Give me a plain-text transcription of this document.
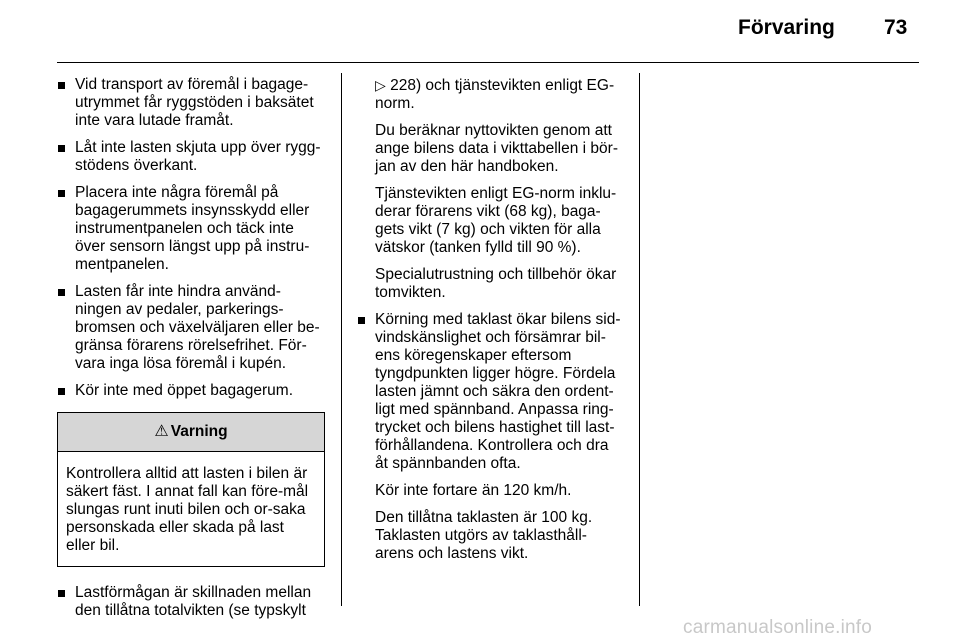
Förvaring 73
Vid transport av föremål i bagage-utrymmet får ryggstöden i baksätet inte vara lutade framåt.
Låt inte lasten skjuta upp över rygg-stödens överkant.
Placera inte några föremål på bagagerummets insynsskydd eller instrumentpanelen och täck inte över sensorn längst upp på instru-mentpanelen.
Lasten får inte hindra använd-ningen av pedaler, parkerings-bromsen och växelväljaren eller be-gränsa förarens rörelsefrihet. För-vara inga lösa föremål i kupén.
Kör inte med öppet bagagerum.
⚠ Varning
Kontrollera alltid att lasten i bilen är säkert fäst. I annat fall kan före-mål slungas runt inuti bilen och or-saka personskada eller skada på last eller bil.
Lastförmågan är skillnaden mellan den tillåtna totalvikten (se typskylt

▷ 228) och tjänstevikten enligt EG-norm.

Du beräknar nyttovikten genom att ange bilens data i vikttabellen i bör-jan av den här handboken.

Tjänstevikten enligt EG-norm inklu-derar förarens vikt (68 kg), baga-gets vikt (7 kg) och vikten för alla vätskor (tanken fylld till 90 %).

Specialutrustning och tillbehör ökar tomvikten.

Körning med taklast ökar bilens sid-vindskänslighet och försämrar bil-ens köregenskaper eftersom tyngdpunkten ligger högre. Fördela lasten jämnt och säkra den ordent-ligt med spännband. Anpassa ring-trycket och bilens hastighet till last-förhållandena. Kontrollera och dra åt spännbanden ofta.

Kör inte fortare än 120 km/h.

Den tillåtna taklasten är 100 kg. Taklasten utgörs av taklasthåll-arens och lastens vikt.

carmanualsonline.info
